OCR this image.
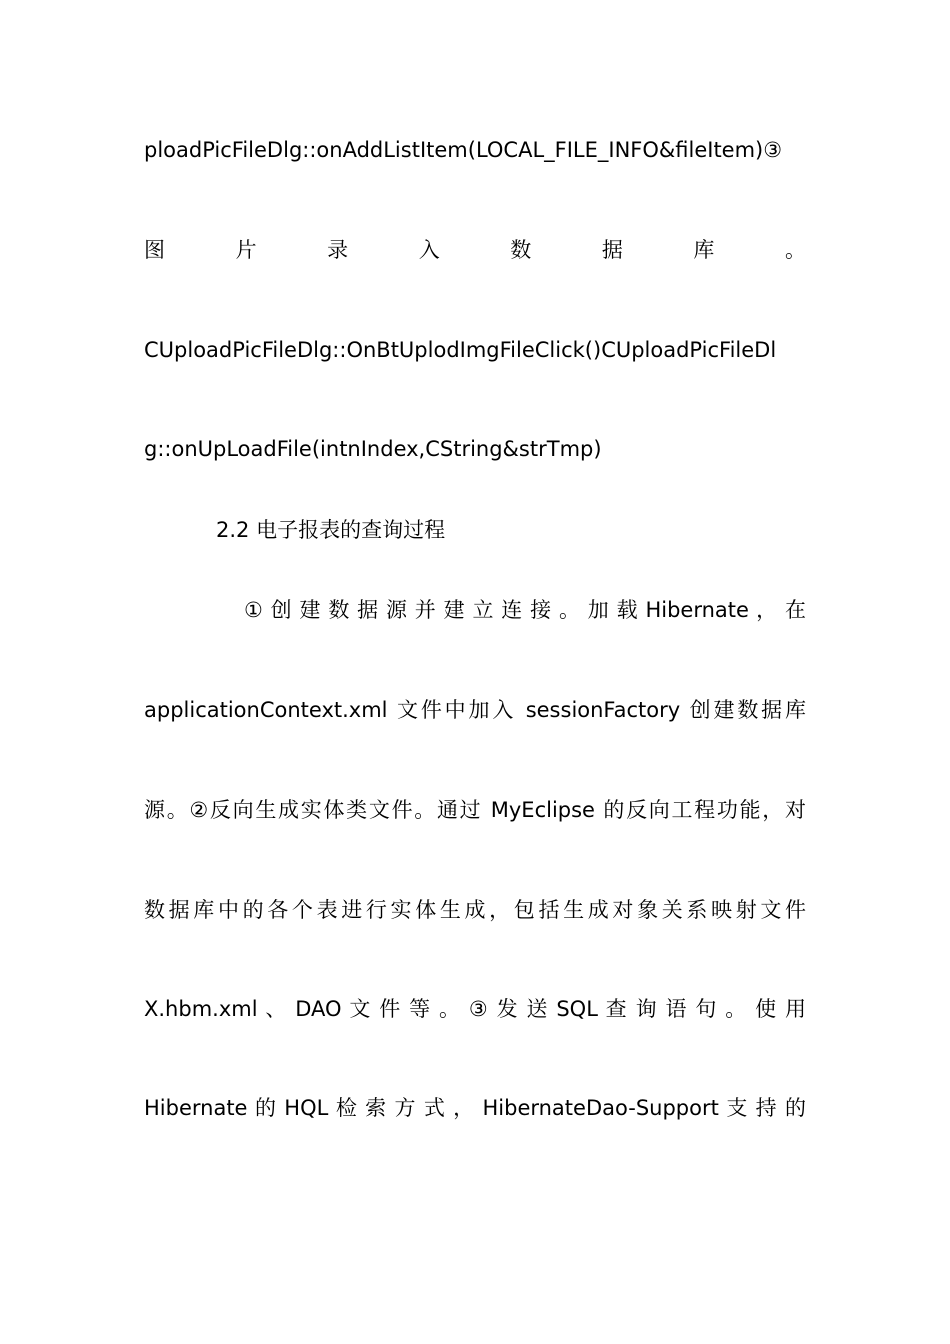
ploadPicFileDlg::onAddListItem(LOCAL_FILE_INFO&fileItem)③
图 片 录 入 数 据 库 。
CUploadPicFileDlg::OnBtUplodImgFileClick()CUploadPicFileDl
g::onUpLoadFile(intnIndex,CString&strTmp)
2.2 电子报表的查询过程
① 创 建 数 据 源 并 建 立 连 接 。 加 载 Hibernate ， 在
applicationContext.xml 文件中加入 sessionFactory 创建数据库
源。②反向生成实体类文件。通过 MyEclipse 的反向工程功能，对
数据库中的各个表进行实体生成，包括生成对象关系映射文件
X.hbm.xml 、 DAO 文 件 等 。 ③ 发 送 SQL 查 询 语 句 。 使 用
Hibernate 的 HQL 检 索 方 式 ， HibernateDao-Support 支 持 的
